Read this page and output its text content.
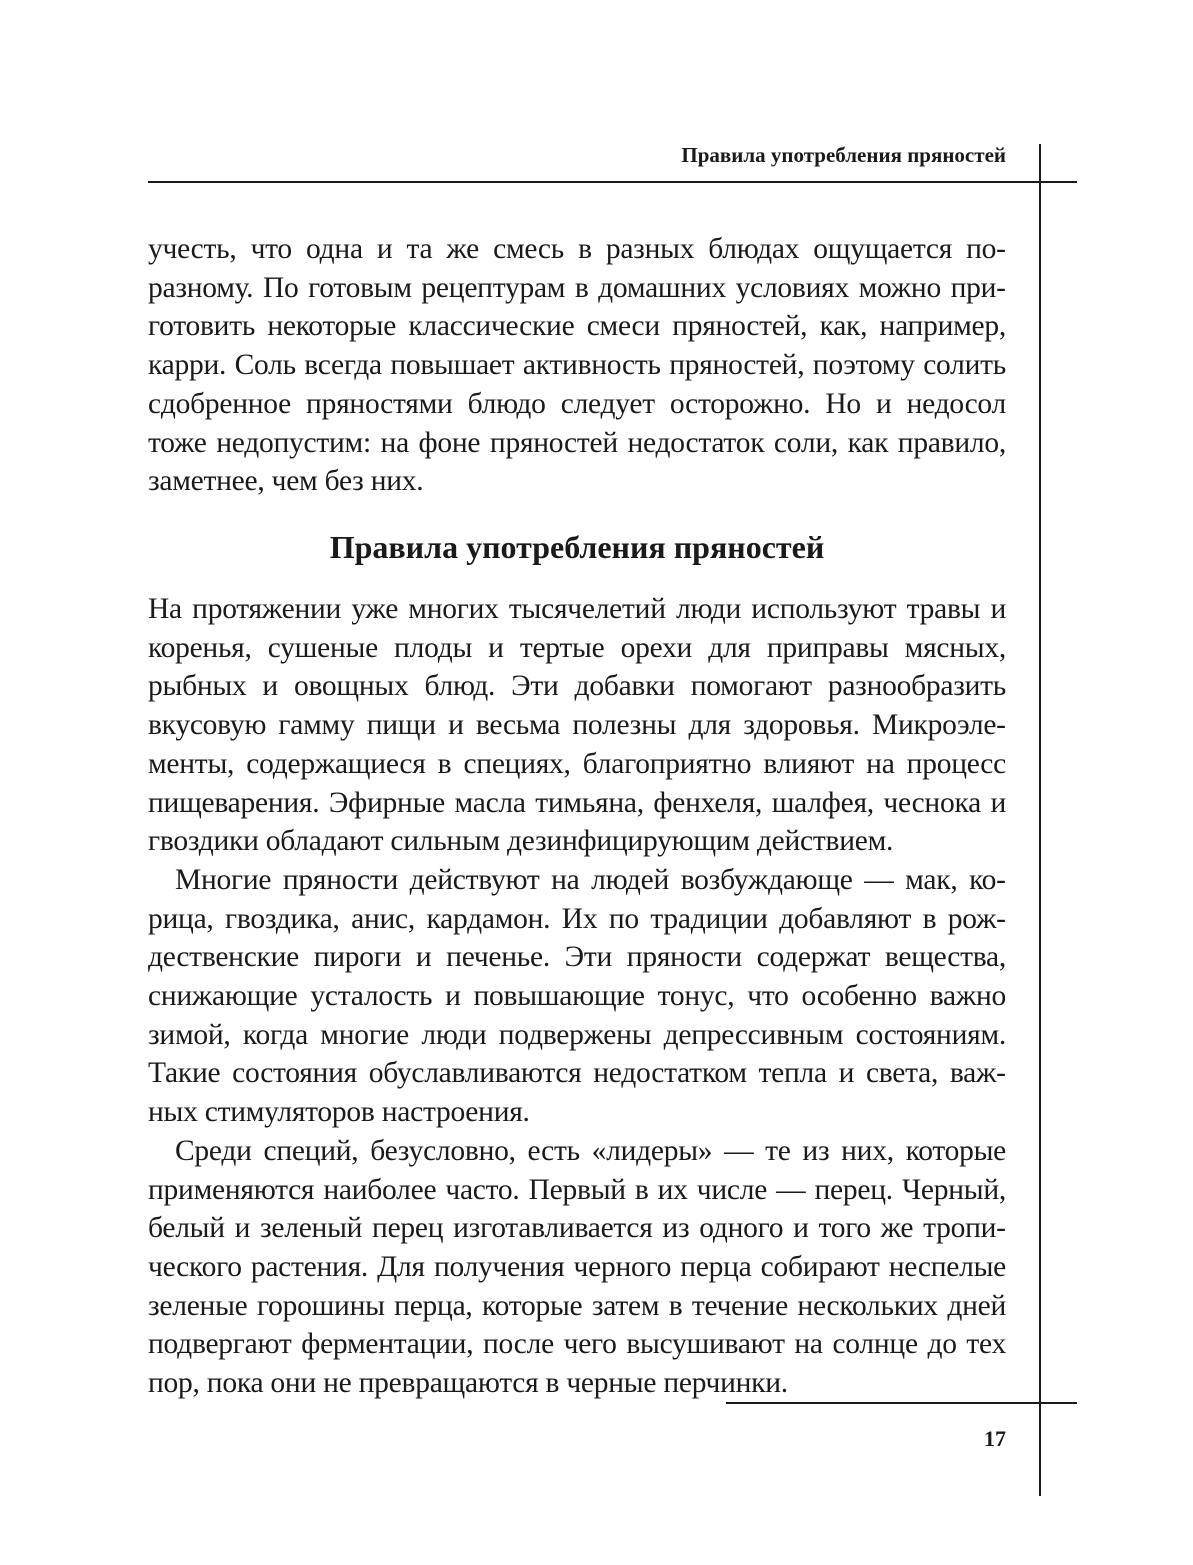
Правила употребления пряностей

учесть, что одна и та же смесь в разных блюдах ощущается поразному. По готовым рецептурам в домашних условиях можно приготовить некоторые классические смеси пряностей, как, например, карри. Соль всегда повышает активность пряностей, поэтому солить сдобренное пряностями блюдо следует осторожно. Но и недосол тоже недопустим: на фоне пряностей недостаток соли, как правило, заметнее, чем без них.

Правила употребления пряностей

На протяжении уже многих тысячелетий люди используют травы и коренья, сушеные плоды и тертые орехи для приправы мясных, рыбных и овощных блюд. Эти добавки помогают разнообразить вкусовую гамму пищи и весьма полезны для здоровья. Микроэлементы, содержащиеся в специях, благоприятно влияют на процесс пищеварения. Эфирные масла тимьяна, фенхеля, шалфея, чеснока и гвоздики обладают сильным дезинфицирующим действием.

Многие пряности действуют на людей возбуждающе — мак, корица, гвоздика, анис, кардамон. Их по традиции добавляют в рождественские пироги и печенье. Эти пряности содержат вещества, снижающие усталость и повышающие тонус, что особенно важно зимой, когда многие люди подвержены депрессивным состояниям. Такие состояния обуславливаются недостатком тепла и света, важных стимуляторов настроения.

Среди специй, безусловно, есть «лидеры» — те из них, которые применяются наиболее часто. Первый в их числе — перец. Черный, белый и зеленый перец изготавливается из одного и того же тропического растения. Для получения черного перца собирают неспелые зеленые горошины перца, которые затем в течение нескольких дней подвергают ферментации, после чего высушивают на солнце до тех пор, пока они не превращаются в черные перчинки.

17
